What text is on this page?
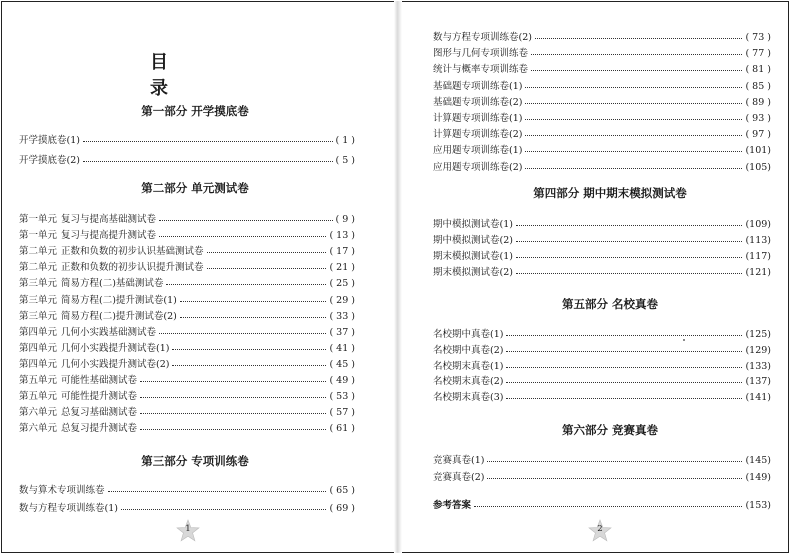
目 录
第一部分 开学摸底卷
开学摸底卷(1)	( 1 )
开学摸底卷(2)	( 5 )
第二部分 单元测试卷
第一单元 复习与提高基础测试卷	( 9 )
第一单元 复习与提高提升测试卷	( 13 )
第二单元 正数和负数的初步认识基础测试卷	( 17 )
第二单元 正数和负数的初步认识提升测试卷	( 21 )
第三单元 简易方程(二)基础测试卷	( 25 )
第三单元 简易方程(二)提升测试卷(1)	( 29 )
第三单元 简易方程(二)提升测试卷(2)	( 33 )
第四单元 几何小实践基础测试卷	( 37 )
第四单元 几何小实践提升测试卷(1)	( 41 )
第四单元 几何小实践提升测试卷(2)	( 45 )
第五单元 可能性基础测试卷	( 49 )
第五单元 可能性提升测试卷	( 53 )
第六单元 总复习基础测试卷	( 57 )
第六单元 总复习提升测试卷	( 61 )
第三部分 专项训练卷
数与算术专项训练卷	( 65 )
数与方程专项训练卷(1)	( 69 )
1
数与方程专项训练卷(2)	( 73 )
图形与几何专项训练卷	( 77 )
统计与概率专项训练卷	( 81 )
基础题专项训练卷(1)	( 85 )
基础题专项训练卷(2)	( 89 )
计算题专项训练卷(1)	( 93 )
计算题专项训练卷(2)	( 97 )
应用题专项训练卷(1)	(101)
应用题专项训练卷(2)	(105)
第四部分 期中期末模拟测试卷
期中模拟测试卷(1)	(109)
期中模拟测试卷(2)	(113)
期末模拟测试卷(1)	(117)
期末模拟测试卷(2)	(121)
第五部分 名校真卷
名校期中真卷(1)	(125)
名校期中真卷(2)	(129)
名校期末真卷(1)	(133)
名校期末真卷(2)	(137)
名校期末真卷(3)	(141)
第六部分 竞赛真卷
竞赛真卷(1)	(145)
竞赛真卷(2)	(149)
参考答案	(153)
2
